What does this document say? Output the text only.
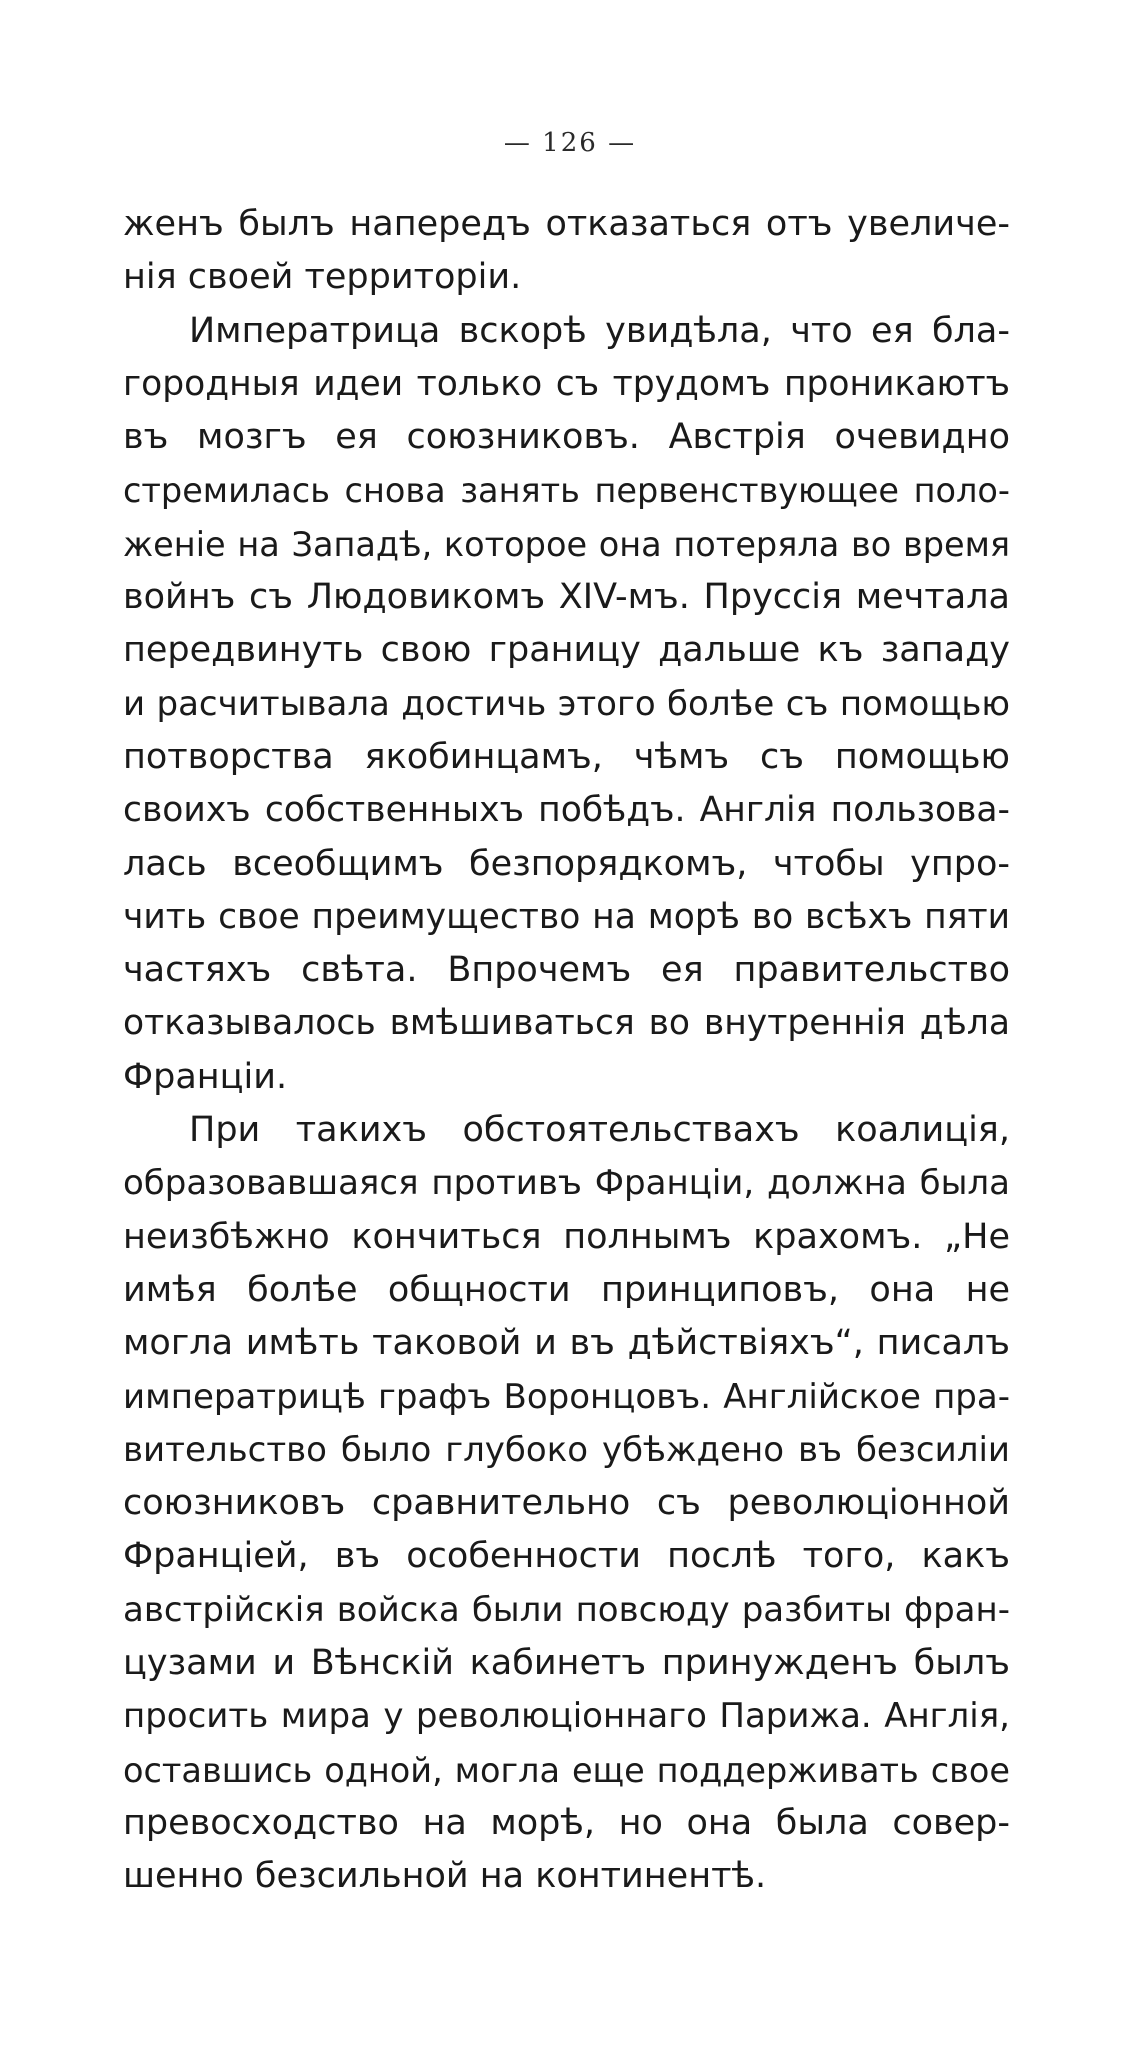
— 126 —
женъ былъ напередъ отказаться отъ увеличе-
нія своей территоріи.
Императрица вскорѣ увидѣла, что ея бла-
городныя идеи только съ трудомъ проникаютъ
въ мозгъ ея союзниковъ. Австрія очевидно
стремилась снова занять первенствующее поло-
женіе на Западѣ, которое она потеряла во время
войнъ съ Людовикомъ XIV-мъ. Пруссія мечтала
передвинуть свою границу дальше къ западу
и расчитывала достичь этого болѣе съ помощью
потворства якобинцамъ, чѣмъ съ помощью
своихъ собственныхъ побѣдъ. Англія пользова-
лась всеобщимъ безпорядкомъ, чтобы упро-
чить свое преимущество на морѣ во всѣхъ пяти
частяхъ свѣта. Впрочемъ ея правительство
отказывалось вмѣшиваться во внутреннія дѣла
Франціи.
При такихъ обстоятельствахъ коалиція,
образовавшаяся противъ Франціи, должна была
неизбѣжно кончиться полнымъ крахомъ. „Не
имѣя болѣе общности принциповъ, она не
могла имѣть таковой и въ дѣйствіяхъ“, писалъ
императрицѣ графъ Воронцовъ. Англійское пра-
вительство было глубоко убѣждено въ безсиліи
союзниковъ сравнительно съ революціонной
Франціей, въ особенности послѣ того, какъ
австрійскія войска были повсюду разбиты фран-
цузами и Вѣнскій кабинетъ принужденъ былъ
просить мира у революціоннаго Парижа. Англія,
оставшись одной, могла еще поддерживать свое
превосходство на морѣ, но она была совер-
шенно безсильной на континентѣ.
